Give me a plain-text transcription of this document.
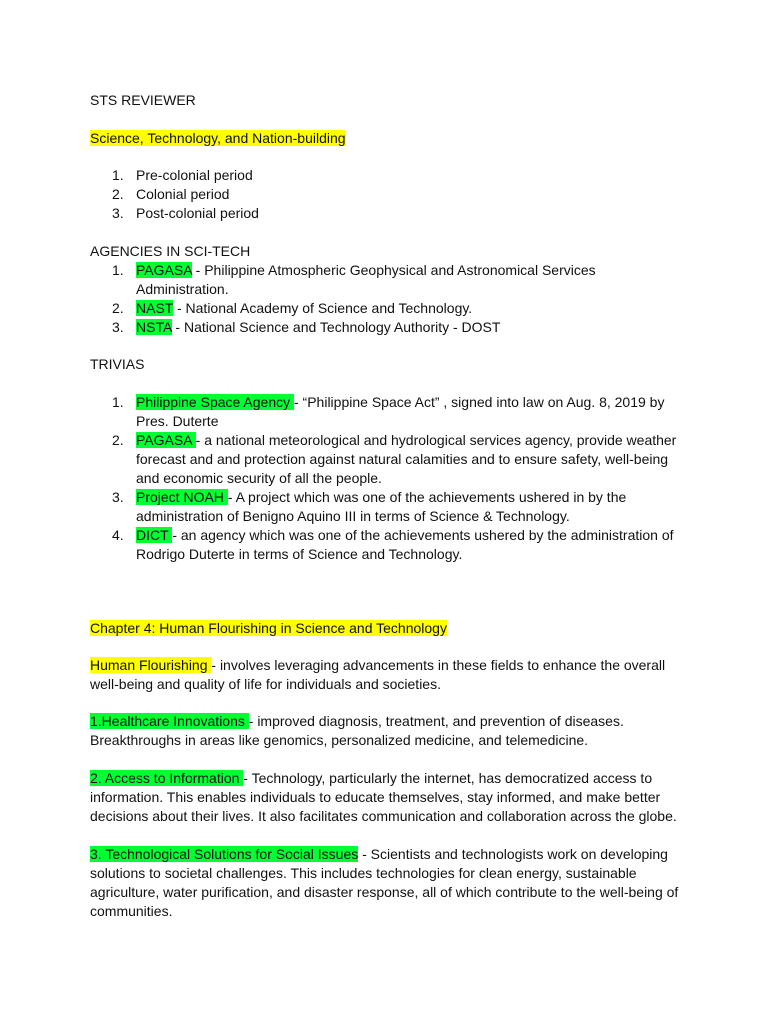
STS REVIEWER
Science, Technology, and Nation-building
1. Pre-colonial period
2. Colonial period
3. Post-colonial period
AGENCIES IN SCI-TECH
1. PAGASA - Philippine Atmospheric Geophysical and Astronomical Services Administration.
2. NAST - National Academy of Science and Technology.
3. NSTA - National Science and Technology Authority - DOST
TRIVIAS
1. Philippine Space Agency - “Philippine Space Act” , signed into law on Aug. 8, 2019 by Pres. Duterte
2. PAGASA - a national meteorological and hydrological services agency, provide weather forecast and and protection against natural calamities and to ensure safety, well-being and economic security of all the people.
3. Project NOAH - A project which was one of the achievements ushered in by the administration of Benigno Aquino III in terms of Science & Technology.
4. DICT - an agency which was one of the achievements ushered by the administration of Rodrigo Duterte in terms of Science and Technology.
Chapter 4: Human Flourishing in Science and Technology

Human Flourishing - involves leveraging advancements in these fields to enhance the overall well-being and quality of life for individuals and societies.

1.Healthcare Innovations - improved diagnosis, treatment, and prevention of diseases. Breakthroughs in areas like genomics, personalized medicine, and telemedicine.

2. Access to Information - Technology, particularly the internet, has democratized access to information. This enables individuals to educate themselves, stay informed, and make better decisions about their lives. It also facilitates communication and collaboration across the globe.

3. Technological Solutions for Social Issues - Scientists and technologists work on developing solutions to societal challenges. This includes technologies for clean energy, sustainable agriculture, water purification, and disaster response, all of which contribute to the well-being of communities.
